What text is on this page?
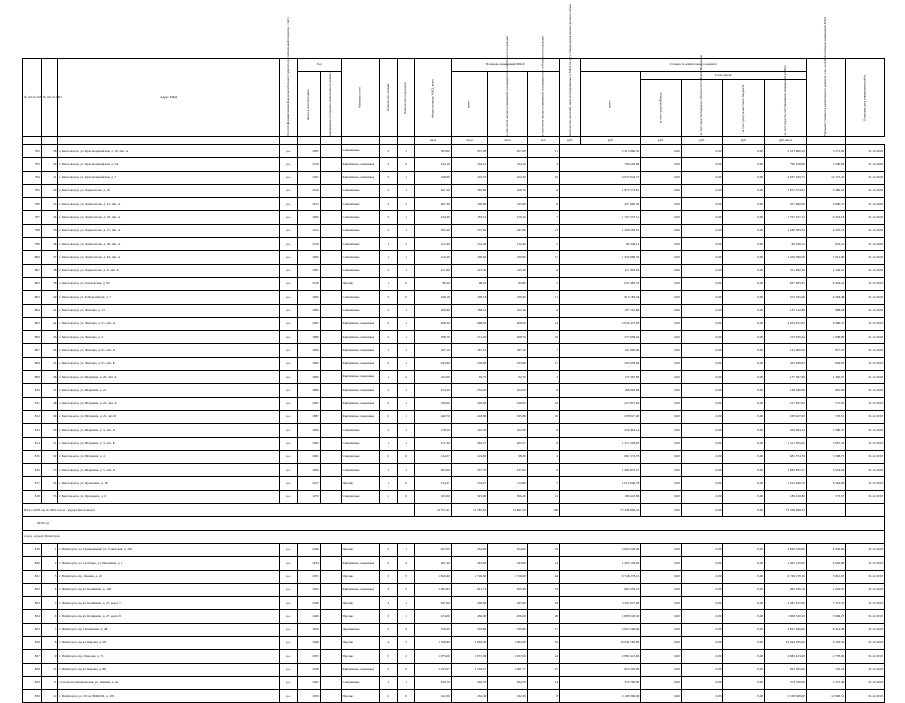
№ п/п по КП	№ п/п по МО	Адрес МКД	Способ формирования фонда капитального ремонта (региональный оператор / счет)	Год		Материал стен	Количество этажей	Количество подъездов	общая площадь МКД, всего	Площадь помещений МКД:			Количество жителей, зарегистрированных в МКД на дату утверждения краткосрочного плана	Стоимость капитального ремонта					Удельная стоимость капитального ремонта 1 кв. м общей площади помещений МКД	Плановая дата завершения работ
				ввода в эксплуатацию	завершение последнего капитального ремонта					всего	в том числе жилых помещений, находящихся в собственности граждан	в том числе жилых помещений, находящихся в собственности граждан		всего	в том числе:					
															за счет средств Фонда	за счет средств бюджета субъекта Российской Федерации	за счет средств местного бюджета	за счет средств собственников помещений в МКД		
									кв.м	кв.м	кв.м	чел.	руб.	руб.	руб.	руб.	руб.	руб./кв.м		
782	28	г. Кисловодск, ул. Красноармейская, д. 16, лит. А	р.о.	1895		Смешанные	2	1	503,60	457,60	457,60	11	2 413 860,50		0,00	0,00	0,00	2 413 860,50	5 275,09	31.12.2018
783	30	г. Кисловодск, ул. Красноармейская, д. 5А	р.о.	1910		Кирпичные, каменные	2	6	194,10	194,10	194,10	4	790 228,06		0,00	0,00	0,00	790 228,06	7 296,82	31.12.2018
784	31	г. Кисловодск, ул. Красноармейская, д. 7	р.о.	1947		Кирпичные, каменные	2	1	348,60	316,70	222,30	16	4 037 043,75		0,00	0,00	0,00	4 037 043,75	12 747,22	31.12.2018
785	32	г. Кисловодск, ул. Лермонтова, д. 10	р.о.	1910		Смешанные	2	1	621,20	365,80	228,70	8	1 872 574,81		0,00	0,00	0,00	1 872 574,81	3 486,35	31.12.2018
786	33	г. Кисловодск, ул. Лермонтова, д. 15, лит. А	р.о.	1912		Смешанные	2	1	267,30	160,00	145,60	8	457 690,56		0,00	0,00	0,00	457 690,56	2 860,57	31.12.2018
787	34	г. Кисловодск, ул. Лермонтова, д. 18, лит. А	р.о.	1900		Смешанные	2	1	234,30	183,10	156,10	7	1 707 257,12		0,00	0,00	0,00	1 707 257,12	9 324,18	31.12.2018
788	35	г. Кисловодск, ул. Лермонтова, д. 27, лит. А	р.о.	1912		Смешанные	2	1	305,40	275,60	247,80	13	1 266 583,52		0,00	0,00	0,00	1 266 583,52	4 595,73	31.12.2018
789	36	г. Кисловодск, ул. Лермонтова, д. 28, лит. А	р.о.	1910		Смешанные	1	1	152,40	152,40	152,40	5	96 349,12		0,00	0,00	0,00	96 349,12	632,21	31.12.2018
800	37	г. Кисловодск, ул. Лермонтова, д. 43, лит. А	р.о.	1900		Смешанные	1	1	210,20	190,60	190,60	17	1 450 999,56		0,00	0,00	0,00	1 450 999,56	7 612,80	31.12.2018
801	38	г. Кисловодск, ул. Лермонтова, д. 8, лит. А	р.о.	1905		Смешанные	2	1	217,90	145,30	145,30	8	311 992,26		0,00	0,00	0,00	311 992,26	2 146,41	31.12.2018
802	38	г. Кисловодск, ул. Ольховская, д. 83	р.о.	1916		Прочие	1	0	98,20	98,20	85,80	3	637 483,35		0,00	0,00	0,00	637 483,35	6 426,24	31.12.2018
803	40	г. Кисловодск, ул. Р.Люксембург, д. 7	р.о.	1900		Смешанные	2	0	199,18	199,18	199,40	11	913 183,46		0,00	0,00	0,00	913 183,46	4 584,48	31.12.2018
804	41	г. Кисловодск, ул. Чкалова, д. 13	р.о.	1900		Смешанные	2	1	206,80	188,10	162,30	6	167 142,88		0,00	0,00	0,00	167 142,88	888,58	31.12.2018
805	42	г. Кисловодск, ул. Чкалова, д. 51, лит. А	р.о.	1905		Кирпичные, каменные	2	1	408,50	408,50	408,50	14	2 034 457,83		0,00	0,00	0,00	2 034 457,83	4 980,31	31.12.2018
806	43	г. Кисловодск, ул. Чкалова, д. 4	р.о.	1889		Кирпичные, каменные	2	1	298,70	271,20	208,70	16	273 959,44		0,00	0,00	0,00	273 959,44	1 098,89	31.12.2018
807	44	г. Кисловодск, ул. Чкалова, д. 61, лит. А	р.о.	1900		Кирпичные, каменные	1	1	187,10	187,10	187,10	7	161 000,00		0,00	0,00	0,00	161 000,00	817,25	31.12.2018
808	45	г. Кисловодск, ул. Чкалова, д. 61, лит. Б	р.о.	1906		Кирпичные, каменные	2	1	245,90	239,90	235,90	17	203 658,84		0,00	0,00	0,00	203 658,84	849,85	31.12.2018
809	46	г. Кисловодск, ул. Шаумяна, д. 20, лит. А	р.о.	1900		Кирпичные, каменные	1	2	102,00	92,70	92,70	3	137 367,96		0,00	0,00	0,00	137 367,96	1 482,07	31.12.2018
810	47	г. Кисловодск, ул. Шаумяна, д. 21	р.о.	1880		Кирпичные, каменные	2	1	254,20	254,20	254,20	8	168 040,68		0,00	0,00	0,00	168 040,68	661,06	31.12.2018
811	48	г. Кисловодск, ул. Шаумяна, д. 22, лит. А	р.о.	1905		Кирпичные, каменные	2	1	320,00	320,00	320,00	16	227 857,84		0,00	0,00	0,00	227 857,84	712,05	31.12.2018
812	49	г. Кисловодск, ул. Шаумяна, д. 22, лит. Б	р.о.	1887		Кирпичные, каменные	2	1	440,70	418,80	325,80	16	238 927,00		0,00	0,00	0,00	238 927,00	570,51	31.12.2018
813	50	г. Кисловодск, ул. Шаумяна, д. 3, лит. А	р.о.	1900		Смешанные	2	1	178,50	162,30	162,30	8	256 494,14		0,00	0,00	0,00	256 494,14	1 580,37	31.12.2018
814	51	г. Кисловодск, ул. Шаумяна, д. 3, лит. Б	р.о.	1900		Смешанные	1	1	271,30	265,27	265,27	8	1 511 305,65		0,00	0,00	0,00	1 511 305,65	5 697,34	31.12.2018
815	52	г. Кисловодск, ул. Шаумяна, д. 4	р.о.	1902		Смешанные	2	6	124,57	124,60	98,30	4	681 374,78		0,00	0,00	0,00	681 374,78	5 598,75	31.12.2018
816	53	г. Кисловодск, ул. Шаумяна, д. 5, лит. А	р.о.	1900		Смешанные	1	1	303,00	357,70	237,00	9	1 984 857,27		0,00	0,00	0,00	1 984 857,27	5 554,94	31.12.2018
817	54	г. Кисловодск, ул. Ярошенко, д. 18	р.о.	1917		Прочие	1	0	154,27	154,27	112,80	7	1 012 640,76		0,00	0,00	0,00	1 012 640,76	6 564,06	31.12.2018
818	55	г. Кисловодск, ул. Ярошенко, д. 6	р.о.	1970		Смешанные	1	0	325,00	325,00	306,20	12	186 410,86		0,00	0,00	0,00	186 410,86	573,57	31.12.2018
Итого 2018 год по МО: город - курорт Кисловодск									14 377,41	11 185,85	12 661,59	766	75 328 699,33		0,00	0,00	0,00	75 328 699,33		
2018 год																				
город - курорт Пятигорск																				
819	1	г. Пятигорск, ул. Гренерицкий, ул. Советская, д. 39а	р.о.	1946		Прочие	2	1	627,00	454,00	454,00	16	2 820 326,00		0,00	0,00	0,00	2 820 326,00	6 436,84	31.12.2018
820	2	г. Пятигорск, ул. Свободы, ул. Пятамина, д. 1	р.о.	1934		Кирпичные, каменные	2	3	401,20	343,90	343,90	14	1 405 129,00		0,00	0,00	0,00	1 405 129,00	4 092,88	31.12.2018
821	3	г. Пятигорск, пр. Ленина, д. 22	р.о.	1935		Прочие	3	3	1 843,60	1 726,60	1 726,60	44	6 748 278,10		0,00	0,00	0,00	6 748 278,10	3 812,95	31.12.2018
822	4	г. Пятигорск, пр-кт. Калинина, д. 148	р.о.	1932		Кирпичные, каменные	3	5	1 065,83	921,72	625,48	33	962 256,10		0,00	0,00	0,00	962 256,10	1 044,55	31.12.2018
823	5	г. Пятигорск, пр-кт. Калинина, д. 27, корп. 7	р.о.	1946		Прочие	3	1	637,60	458,60	297,60	18	3 381 617,00		0,00	0,00	0,00	3 381 617,00	7 373,70	31.12.2018
824	6	г. Пятигорск, пр-кт. Калинина, д. 27, корп. 8	р.о.	1946		Прочие	3	1	474,00	456,00	456,00	26	1 808 520,50		0,00	0,00	0,00	1 808 520,50	3 966,27	31.12.2018
825	7	г. Пятигорск, пр-т Калинина, д. 48	р.о.	1956		Деревянные	2	4	376,20	335,80	335,80	17	2 827 266,60		0,00	0,00	0,00	2 827 266,60	8 414,48	31.12.2018
826	8	г. Пятигорск, пр-кт. Кирова, д. 58	р.о.	1948		Прочие	4	2	1 326,80	1 094,30	1 094,30	32	10 044 785,00		0,00	0,00	0,00	10 044 785,00	9 163,56	31.12.2018
827	9	г. Пятигорск, пр-т Кирова, д. 71	р.о.	1953		Прочие	5	2	1 075,00	1 037,09	1 037,09	24	2 882 413,00		0,00	0,00	0,00	2 882 413,00	2 778,60	31.12.2018
828	10	г. Пятигорск, пр-кт. Кирова, д. 88	р.о.	1928		Кирпичные, каменные	2	2	1 253,07	1 104,57	1 061,77	47	823 505,00		0,00	0,00	0,00	823 505,00	745,54	31.12.2018
829	11	ст-ца Константиновская, ул. Ленина, д. 4а	р.о.	1947		Смешанные	1	1	430,10	294,70	294,70	14	374 700,00		0,00	0,00	0,00	374 700,00	1 272,49	31.12.2018
830	12	г. Пятигорск, ул. 50 лет ВЛКСМ, д. 105	р.о.	1959		Прочие	2	0	162,30	162,30	162,30	8	2 108 360,00		0,00	0,00	0,00	2 108 360,00	12 990,51	31.12.2018
